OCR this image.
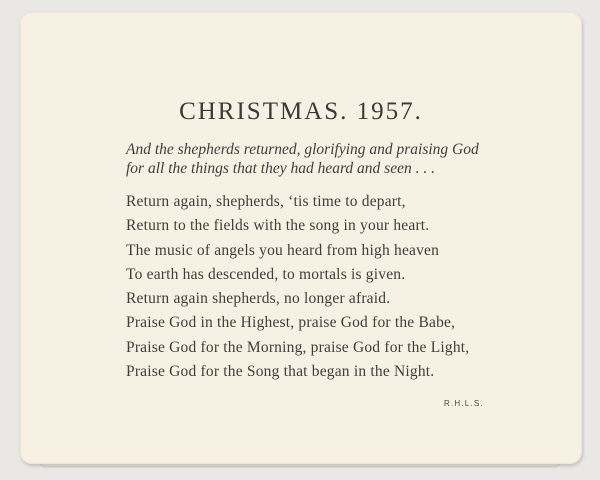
CHRISTMAS. 1957.
And the shepherds returned, glorifying and praising God
for all the things that they had heard and seen . . .
Return again, shepherds, ‘tis time to depart,
Return to the fields with the song in your heart.
The music of angels you heard from high heaven
To earth has descended, to mortals is given.
Return again shepherds, no longer afraid.
Praise God in the Highest, praise God for the Babe,
Praise God for the Morning, praise God for the Light,
Praise God for the Song that began in the Night.
R.H.L.S.
